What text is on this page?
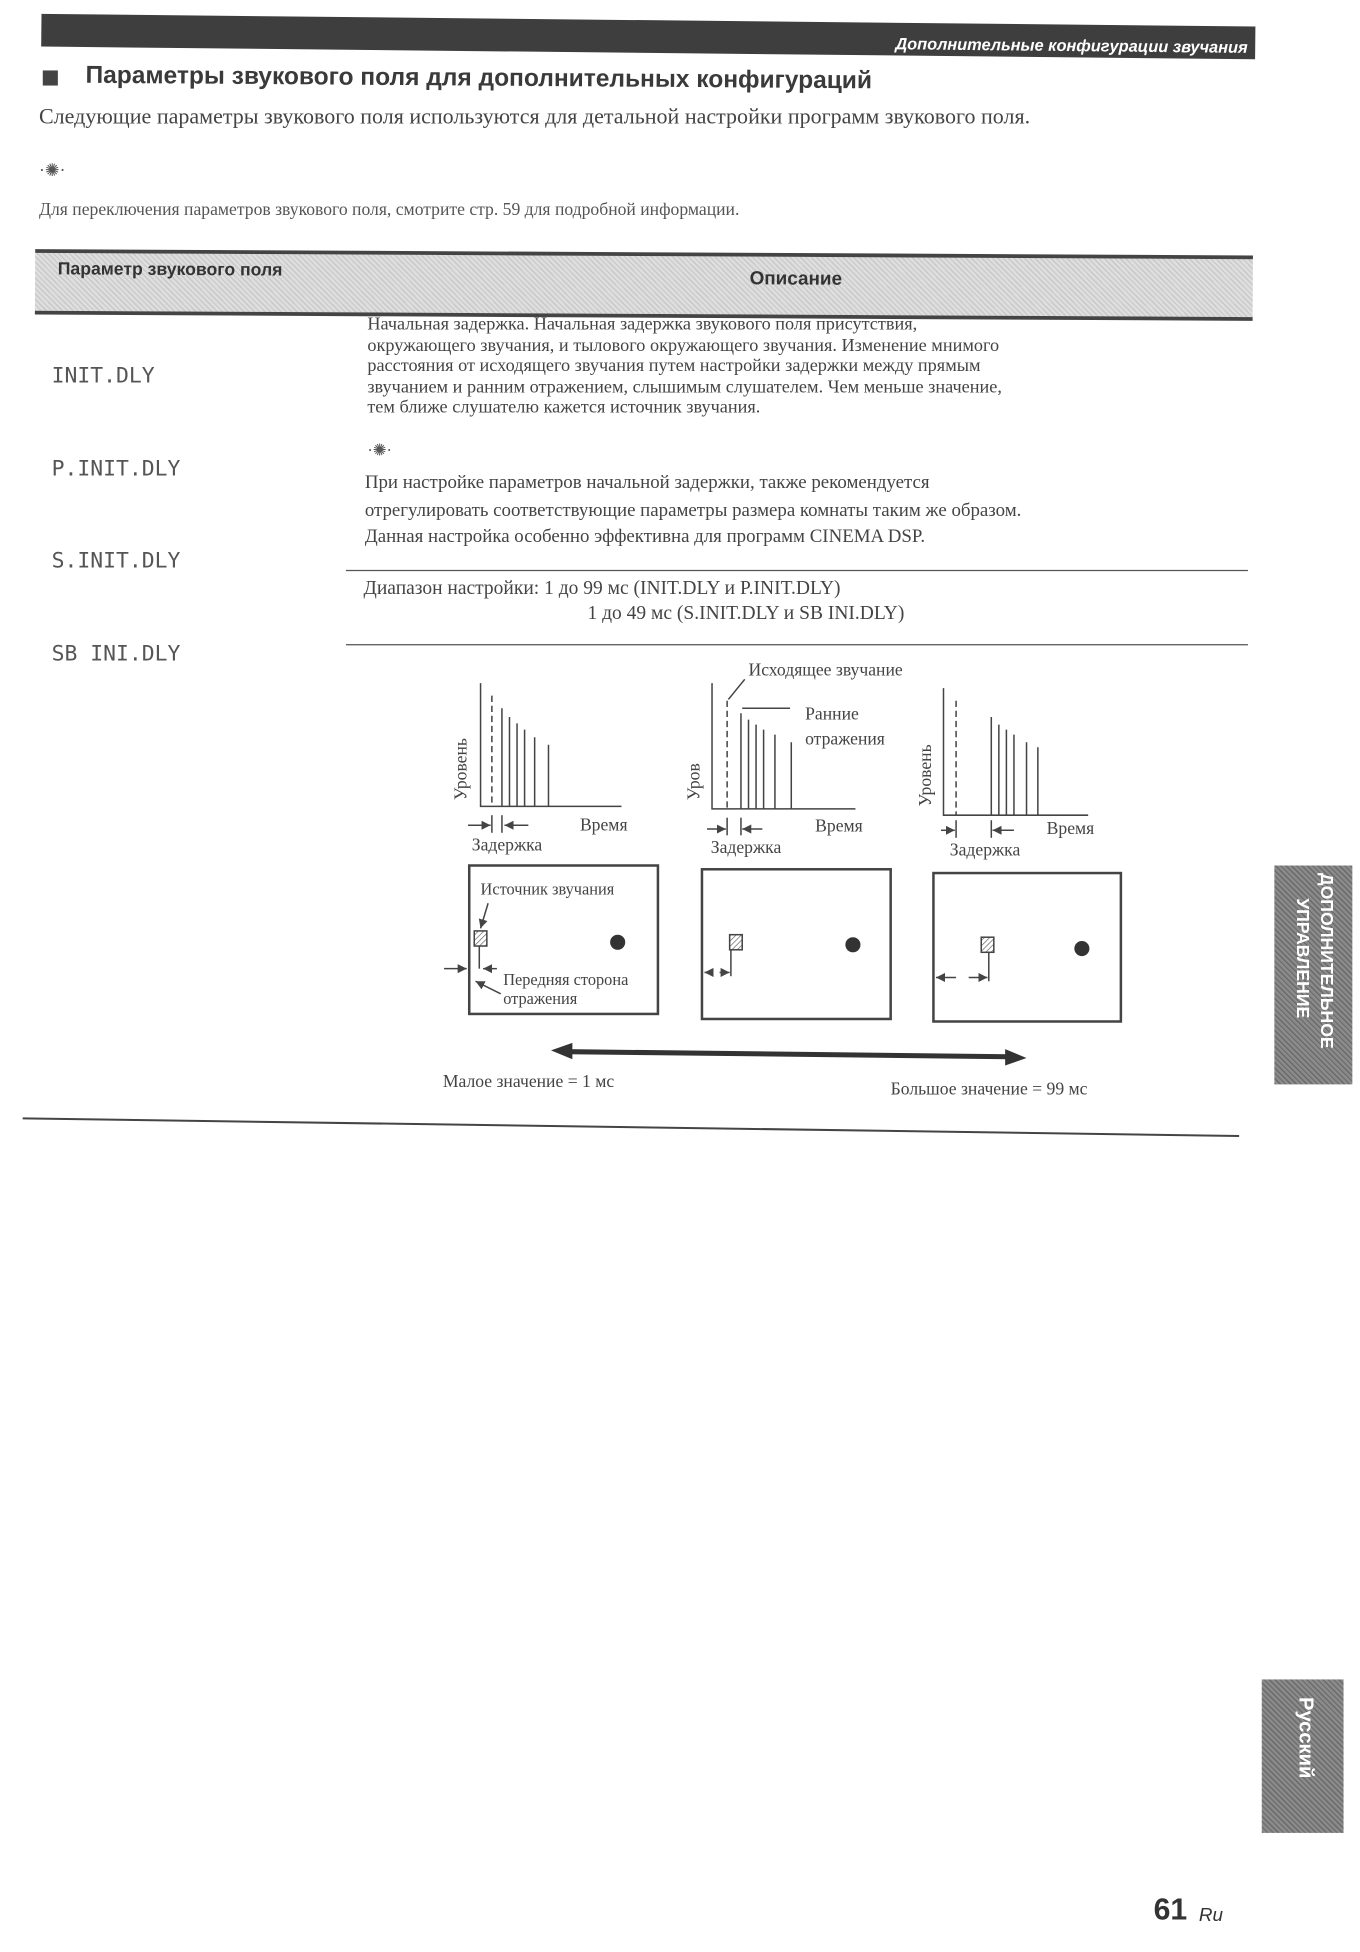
Дополнительные конфигурации звучания
Параметры звукового поля для дополнительных конфигураций
Следующие параметры звукового поля используются для детальной настройки программ звукового поля.
·✺·
Для переключения параметров звукового поля, смотрите стр. 59 для подробной информации.
Параметр звукового поля	Описание

INIT.DLY

P.INIT.DLY

S.INIT.DLY

SB INI.DLY

Начальная задержка. Начальная задержка звукового поля присутствия,
окружающего звучания, и тылового окружающего звучания. Изменение мнимого
расстояния от исходящего звучания путем настройки задержки между прямым
звучанием и ранним отражением, слышимым слушателем. Чем меньше значение,
тем ближе слушателю кажется источник звучания.
·✺·
При настройке параметров начальной задержки, также рекомендуется
отрегулировать соответствующие параметры размера комнаты таким же образом.
Данная настройка особенно эффективна для программ CINEMA DSP.
Диапазон настройки: 1 до 99 мс (INIT.DLY и P.INIT.DLY)
1 до 49 мс (S.INIT.DLY и SB INI.DLY)
Исходящее звучание
Ранние
отражения
Уровень	Уров	Уровень
Время	Время	Время
Задержка	Задержка	Задержка
Источник звучания
Передняя сторона
отражения
Малое значение = 1 мс	Большое значение = 99 мс
ДОПОЛНИТЕЛЬНОЕ
УПРАВЛЕНИЕ
Русский
61 Ru
